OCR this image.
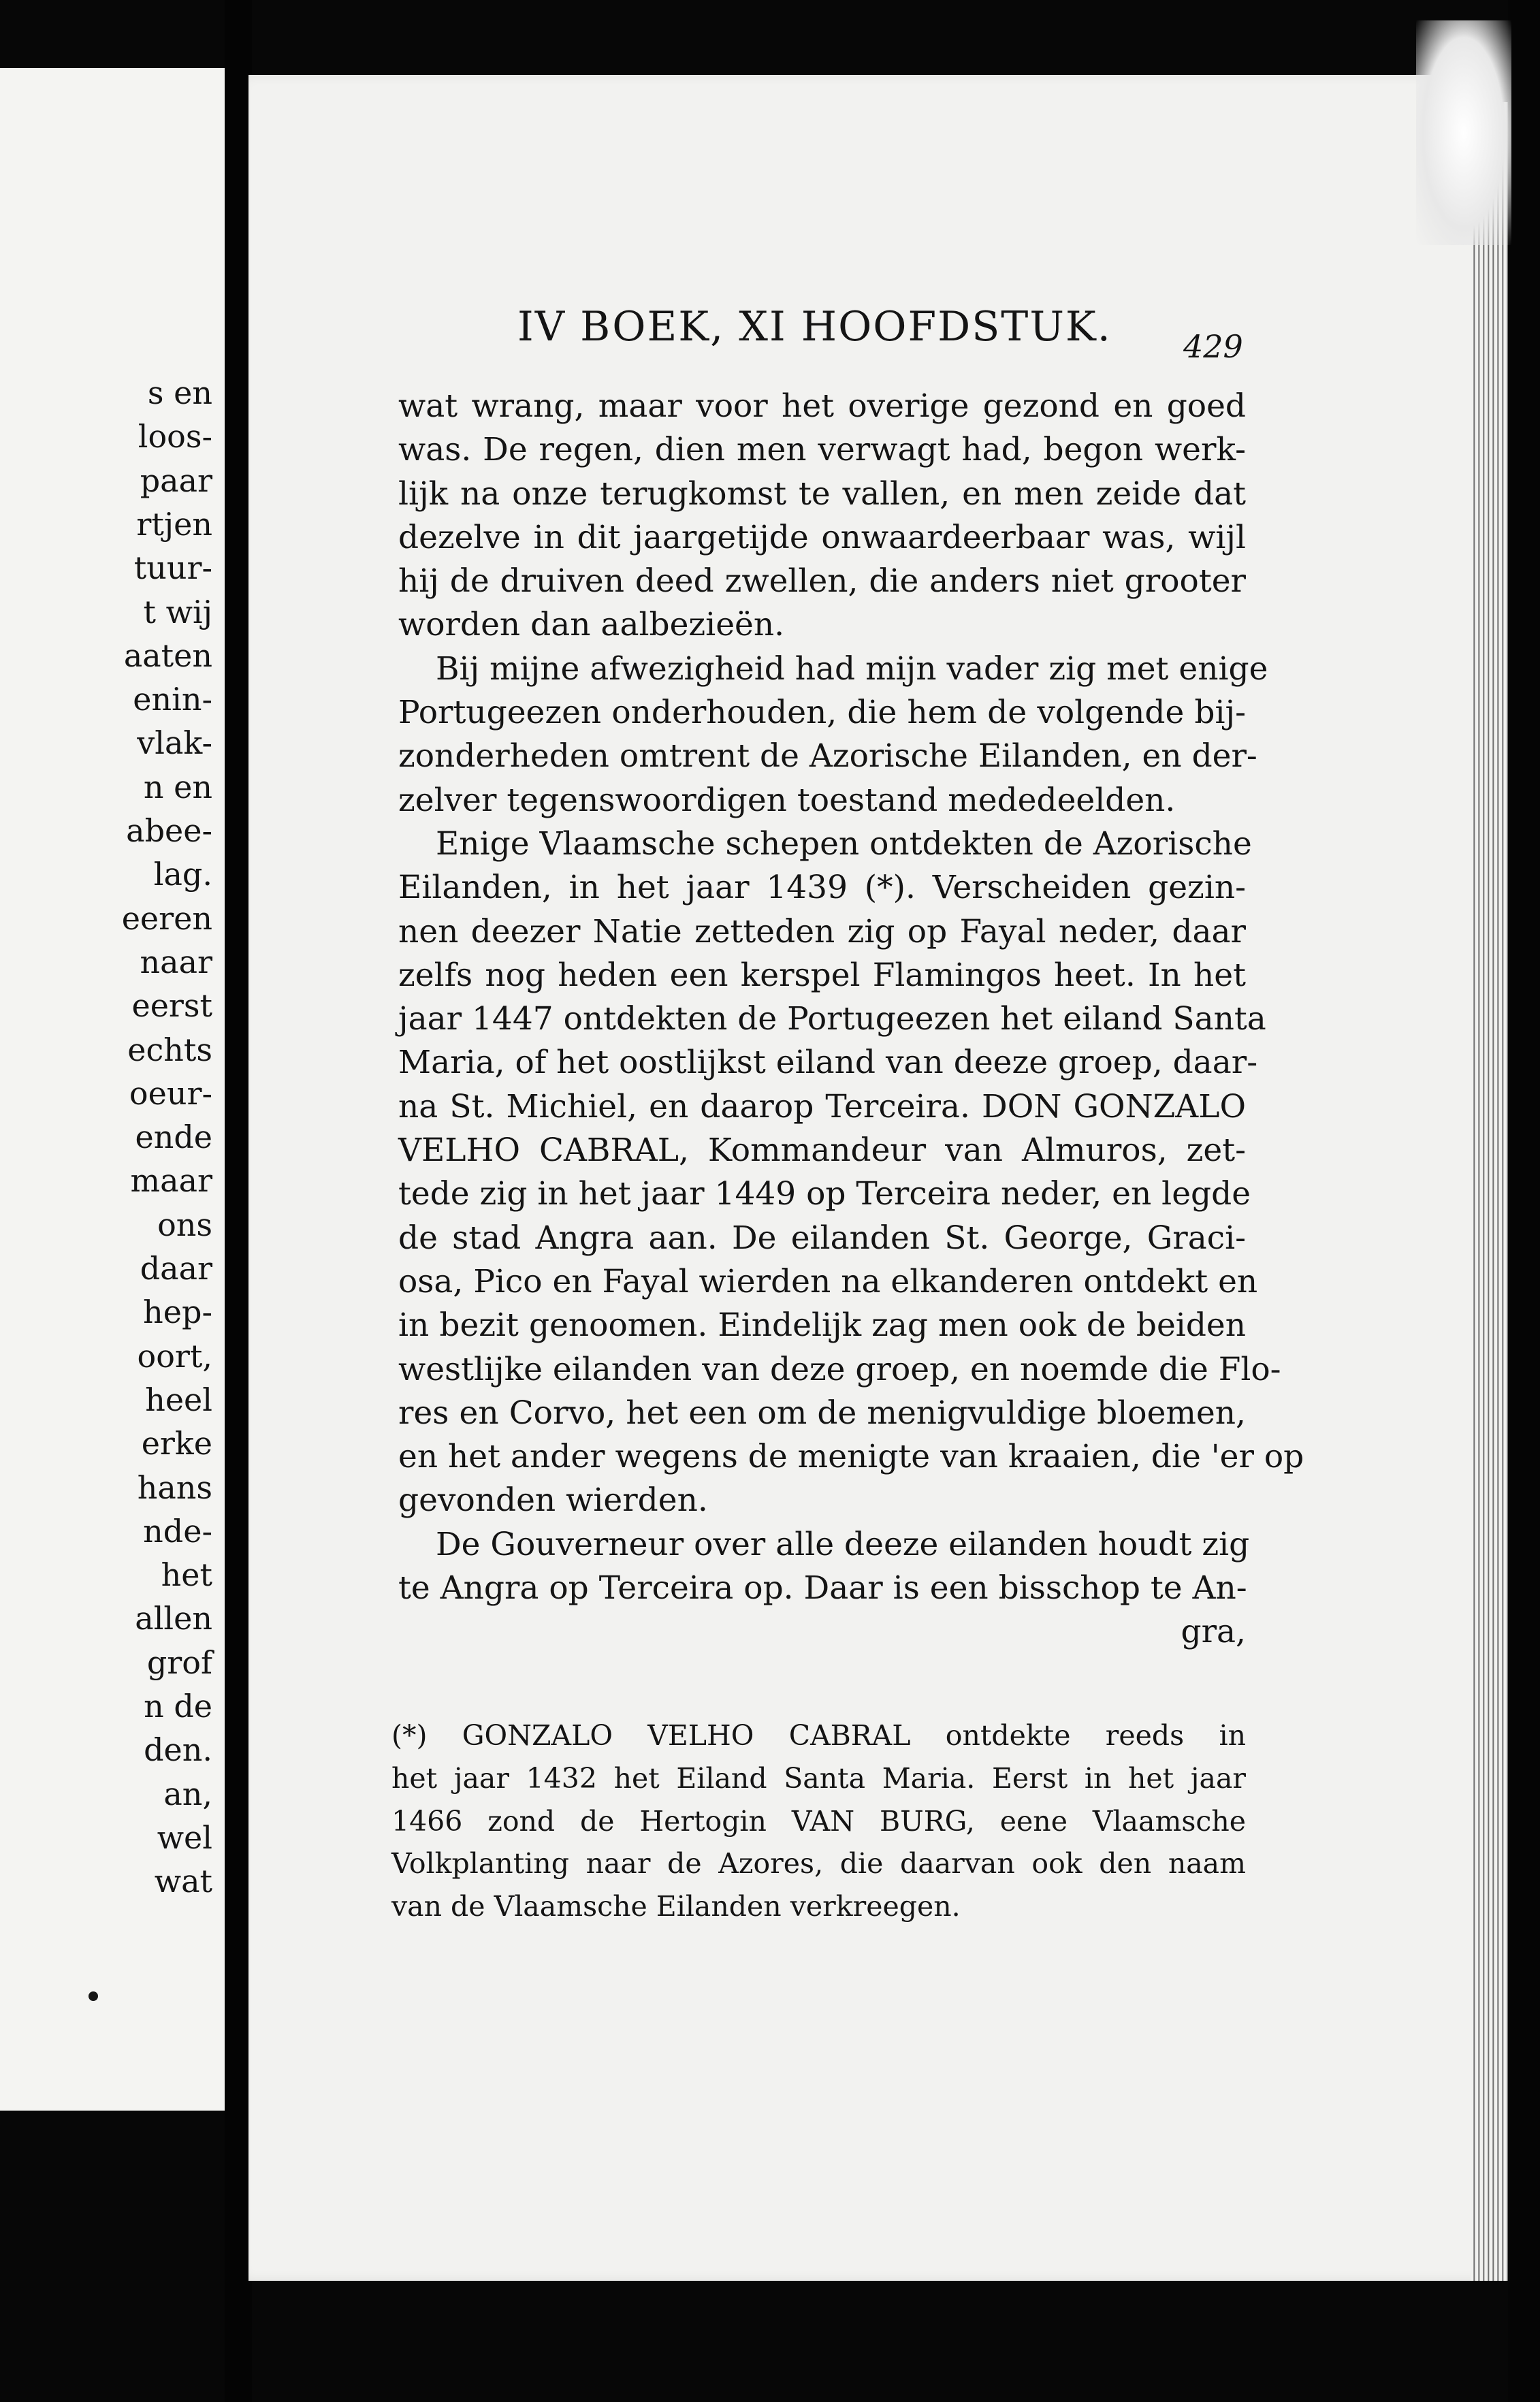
s en
loos-
paar
rtjen
tuur-
t wij
aaten
enin-
vlak-
n en
abee-
lag.
eeren
naar
eerst
echts
oeur-
ende
maar
ons
daar
hep-
oort,
heel
erke
hans
nde-
het
allen
grof
n de
den.
an,
wel
wat
IV BOEK, XI HOOFDSTUK.	429
wat wrang, maar voor het overige gezond en goed
was. De regen, dien men verwagt had, begon werk-
lijk na onze terugkomst te vallen, en men zeide dat
dezelve in dit jaargetijde onwaardeerbaar was, wijl
hij de druiven deed zwellen, die anders niet grooter
worden dan aalbezieën.
Bij mijne afwezigheid had mijn vader zig met enige
Portugeezen onderhouden, die hem de volgende bij-
zonderheden omtrent de Azorische Eilanden, en der-
zelver tegenswoordigen toestand mededeelden.
Enige Vlaamsche schepen ontdekten de Azorische
Eilanden, in het jaar 1439 (*). Verscheiden gezin-
nen deezer Natie zetteden zig op Fayal neder, daar
zelfs nog heden een kerspel Flamingos heet. In het
jaar 1447 ontdekten de Portugeezen het eiland Santa
Maria, of het oostlijkst eiland van deeze groep, daar-
na St. Michiel, en daarop Terceira. DON GONZALO
VELHO CABRAL, Kommandeur van Almuros, zet-
tede zig in het jaar 1449 op Terceira neder, en legde
de stad Angra aan. De eilanden St. George, Graci-
osa, Pico en Fayal wierden na elkanderen ontdekt en
in bezit genoomen. Eindelijk zag men ook de beiden
westlijke eilanden van deze groep, en noemde die Flo-
res en Corvo, het een om de menigvuldige bloemen,
en het ander wegens de menigte van kraaien, die 'er op
gevonden wierden.
De Gouverneur over alle deeze eilanden houdt zig
te Angra op Terceira op. Daar is een bisschop te An-
gra,
(*) GONZALO VELHO CABRAL ontdekte reeds in
het jaar 1432 het Eiland Santa Maria. Eerst in het jaar
1466 zond de Hertogin VAN BURG, eene Vlaamsche
Volkplanting naar de Azores, die daarvan ook den naam
van de Vlaamsche Eilanden verkreegen.
